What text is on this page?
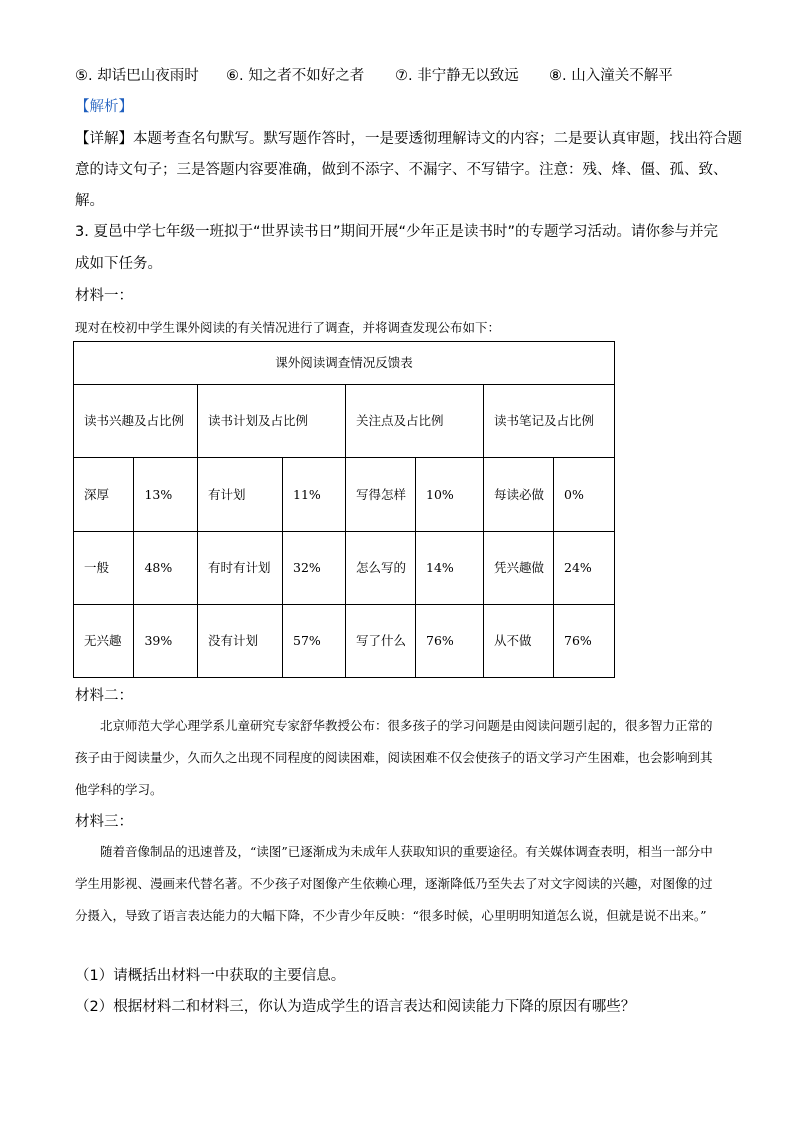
⑤. 却话巴山夜雨时 ⑥. 知之者不如好之者 ⑦. 非宁静无以致远 ⑧. 山入潼关不解平
【解析】
【详解】本题考查名句默写。默写题作答时，一是要透彻理解诗文的内容；二是要认真审题，找出符合题
意的诗文句子；三是答题内容要准确，做到不添字、不漏字、不写错字。注意：残、烽、僵、孤、致、
解。
3. 夏邑中学七年级一班拟于“世界读书日”期间开展“少年正是读书时”的专题学习活动。请你参与并完
成如下任务。
材料一：
现对在校初中学生课外阅读的有关情况进行了调查，并将调查发现公布如下：
课外阅读调查情况反馈表							
读书兴趣及占比例		读书计划及占比例		关注点及占比例		读书笔记及占比例	
深厚	13%	有计划	11%	写得怎样	10%	每读必做	0%
一般	48%	有时有计划	32%	怎么写的	14%	凭兴趣做	24%
无兴趣	39%	没有计划	57%	写了什么	76%	从不做	76%
材料二：
北京师范大学心理学系儿童研究专家舒华教授公布：很多孩子的学习问题是由阅读问题引起的，很多智力正常的孩子由于阅读量少，久而久之出现不同程度的阅读困难，阅读困难不仅会使孩子的语文学习产生困难，也会影响到其他学科的学习。
材料三：
随着音像制品的迅速普及，“读图”已逐渐成为未成年人获取知识的重要途径。有关媒体调查表明，相当一部分中学生用影视、漫画来代替名著。不少孩子对图像产生依赖心理，逐渐降低乃至失去了对文字阅读的兴趣，对图像的过分摄入，导致了语言表达能力的大幅下降，不少青少年反映：“很多时候，心里明明知道怎么说，但就是说不出来。”
（1）请概括出材料一中获取的主要信息。
（2）根据材料二和材料三，你认为造成学生的语言表达和阅读能力下降的原因有哪些？
